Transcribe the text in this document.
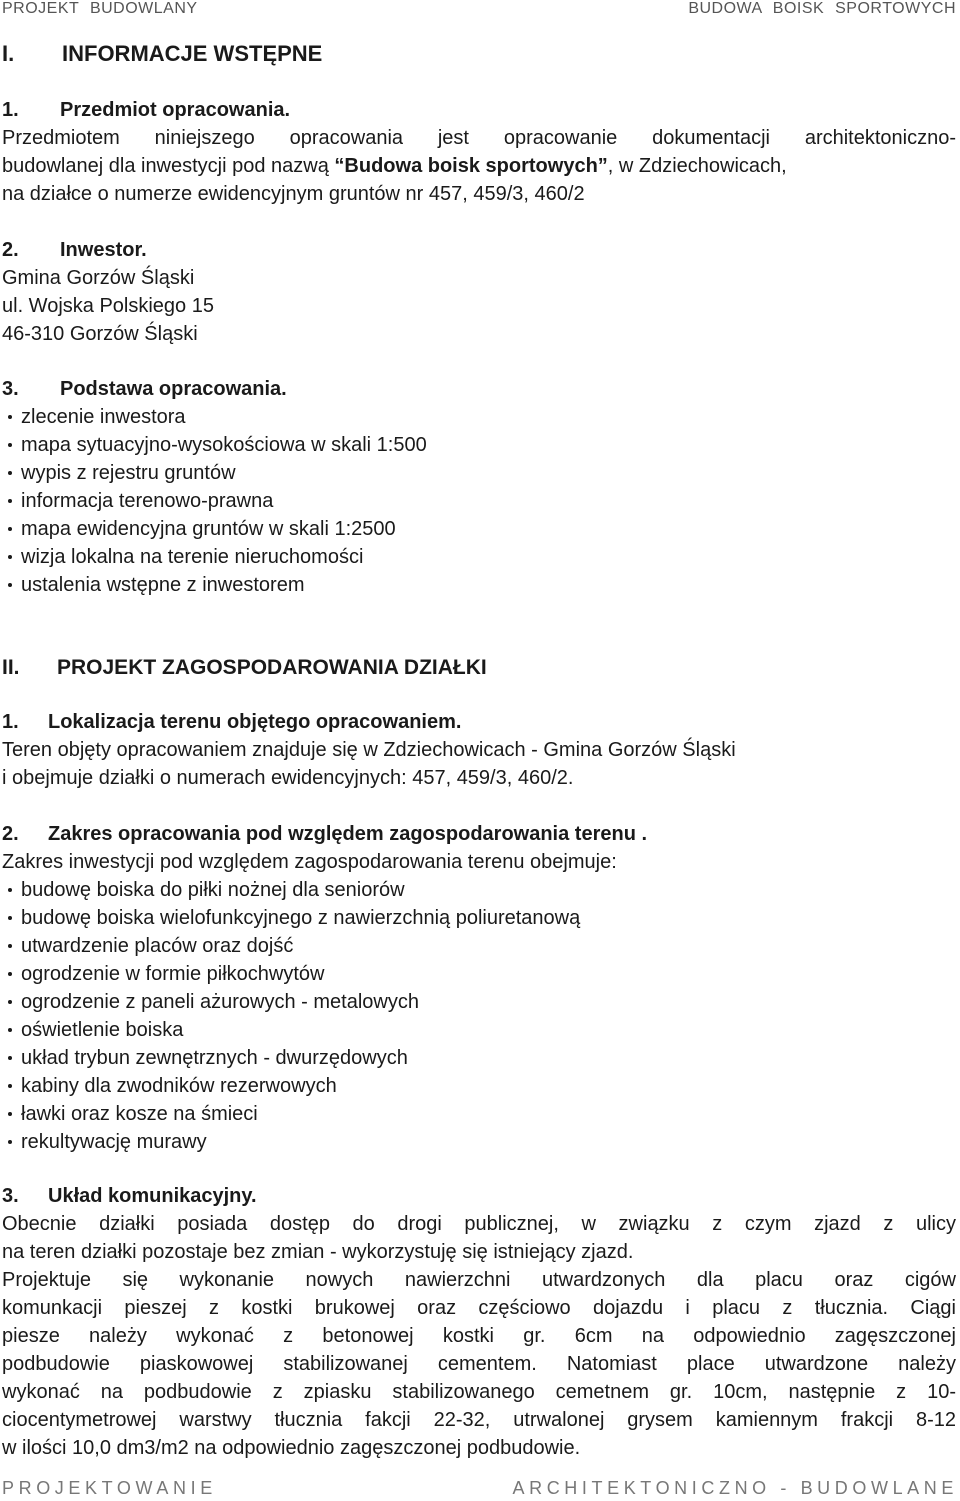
PROJEKT BUDOWLANY	BUDOWA BOISK SPORTOWYCH
I. INFORMACJE WSTĘPNE
1. Przedmiot opracowania.
Przedmiotem niniejszego opracowania jest opracowanie dokumentacji architektoniczno-
budowlanej dla inwestycji pod nazwą “Budowa boisk sportowych”, w Zdziechowicach,
na działce o numerze ewidencyjnym gruntów nr 457, 459/3, 460/2
2. Inwestor.
Gmina Gorzów Śląski
ul. Wojska Polskiego 15
46-310 Gorzów Śląski
3. Podstawa opracowania.
zlecenie inwestora
mapa sytuacyjno-wysokościowa w skali 1:500
wypis z rejestru gruntów
informacja terenowo-prawna
mapa ewidencyjna gruntów w skali 1:2500
wizja lokalna na terenie nieruchomości
ustalenia wstępne z inwestorem
II. PROJEKT ZAGOSPODAROWANIA DZIAŁKI
1. Lokalizacja terenu objętego opracowaniem.
Teren objęty opracowaniem znajduje się w Zdziechowicach - Gmina Gorzów Śląski
i obejmuje działki o numerach ewidencyjnych: 457, 459/3, 460/2.
2. Zakres opracowania pod względem zagospodarowania terenu .
Zakres inwestycji pod względem zagospodarowania terenu obejmuje:
budowę boiska do piłki nożnej dla seniorów
budowę boiska wielofunkcyjnego z nawierzchnią poliuretanową
utwardzenie placów oraz dojść
ogrodzenie w formie piłkochwytów
ogrodzenie z paneli ażurowych - metalowych
oświetlenie boiska
układ trybun zewnętrznych - dwurzędowych
kabiny dla zwodników rezerwowych
ławki oraz kosze na śmieci
rekultywację murawy
3. Układ komunikacyjny.
Obecnie działki posiada dostęp do drogi publicznej, w związku z czym zjazd z ulicy
na teren działki pozostaje bez zmian - wykorzystuję się istniejący zjazd.
Projektuje się wykonanie nowych nawierzchni utwardzonych dla placu oraz cigów
komunkacji pieszej z kostki brukowej oraz częściowo dojazdu i placu z tłucznia. Ciągi
piesze należy wykonać z betonowej kostki gr. 6cm na odpowiednio zagęszczonej
podbudowie piaskowowej stabilizowanej cementem. Natomiast place utwardzone należy
wykonać na podbudowie z zpiasku stabilizowanego cemetnem gr. 10cm, następnie z 10-
ciocentymetrowej warstwy tłucznia fakcji 22-32, utrwalonej grysem kamiennym frakcji 8-12
w ilości 10,0 dm3/m2 na odpowiednio zagęszczonej podbudowie.
PROJEKTOWANIE	ARCHITEKTONICZNO - BUDOWLANE
